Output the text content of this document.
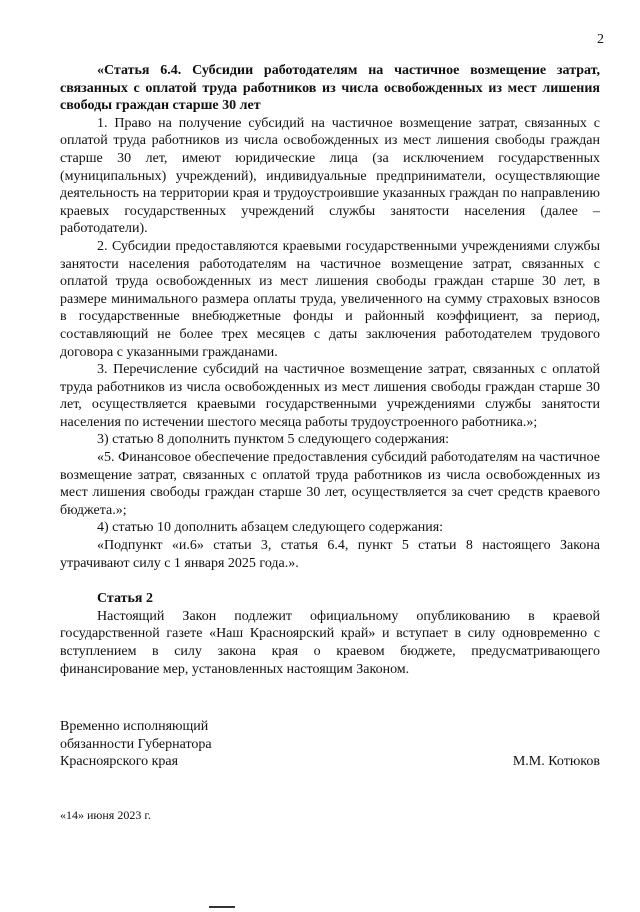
2

«Статья 6.4. Субсидии работодателям на частичное возмещение затрат, связанных с оплатой труда работников из числа освобожденных из мест лишения свободы граждан старше 30 лет

1. Право на получение субсидий на частичное возмещение затрат, связанных с оплатой труда работников из числа освобожденных из мест лишения свободы граждан старше 30 лет, имеют юридические лица (за исключением государственных (муниципальных) учреждений), индивидуальные предприниматели, осуществляющие деятельность на территории края и трудоустроившие указанных граждан по направлению краевых государственных учреждений службы занятости населения (далее – работодатели).

2. Субсидии предоставляются краевыми государственными учреждениями службы занятости населения работодателям на частичное возмещение затрат, связанных с оплатой труда освобожденных из мест лишения свободы граждан старше 30 лет, в размере минимального размера оплаты труда, увеличенного на сумму страховых взносов в государственные внебюджетные фонды и районный коэффициент, за период, составляющий не более трех месяцев с даты заключения работодателем трудового договора с указанными гражданами.

3. Перечисление субсидий на частичное возмещение затрат, связанных с оплатой труда работников из числа освобожденных из мест лишения свободы граждан старше 30 лет, осуществляется краевыми государственными учреждениями службы занятости населения по истечении шестого месяца работы трудоустроенного работника.»;

3) статью 8 дополнить пунктом 5 следующего содержания:

«5. Финансовое обеспечение предоставления субсидий работодателям на частичное возмещение затрат, связанных с оплатой труда работников из числа освобожденных из мест лишения свободы граждан старше 30 лет, осуществляется за счет средств краевого бюджета.»;

4) статью 10 дополнить абзацем следующего содержания:

«Подпункт «и.6» статьи 3, статья 6.4, пункт 5 статьи 8 настоящего Закона утрачивают силу с 1 января 2025 года.».

Статья 2

Настоящий Закон подлежит официальному опубликованию в краевой государственной газете «Наш Красноярский край» и вступает в силу одновременно с вступлением в силу закона края о краевом бюджете, предусматривающего финансирование мер, установленных настоящим Законом.

Временно исполняющий
обязанности Губернатора
Красноярского края	М.М. Котюков
«14» июня 2023 г.
